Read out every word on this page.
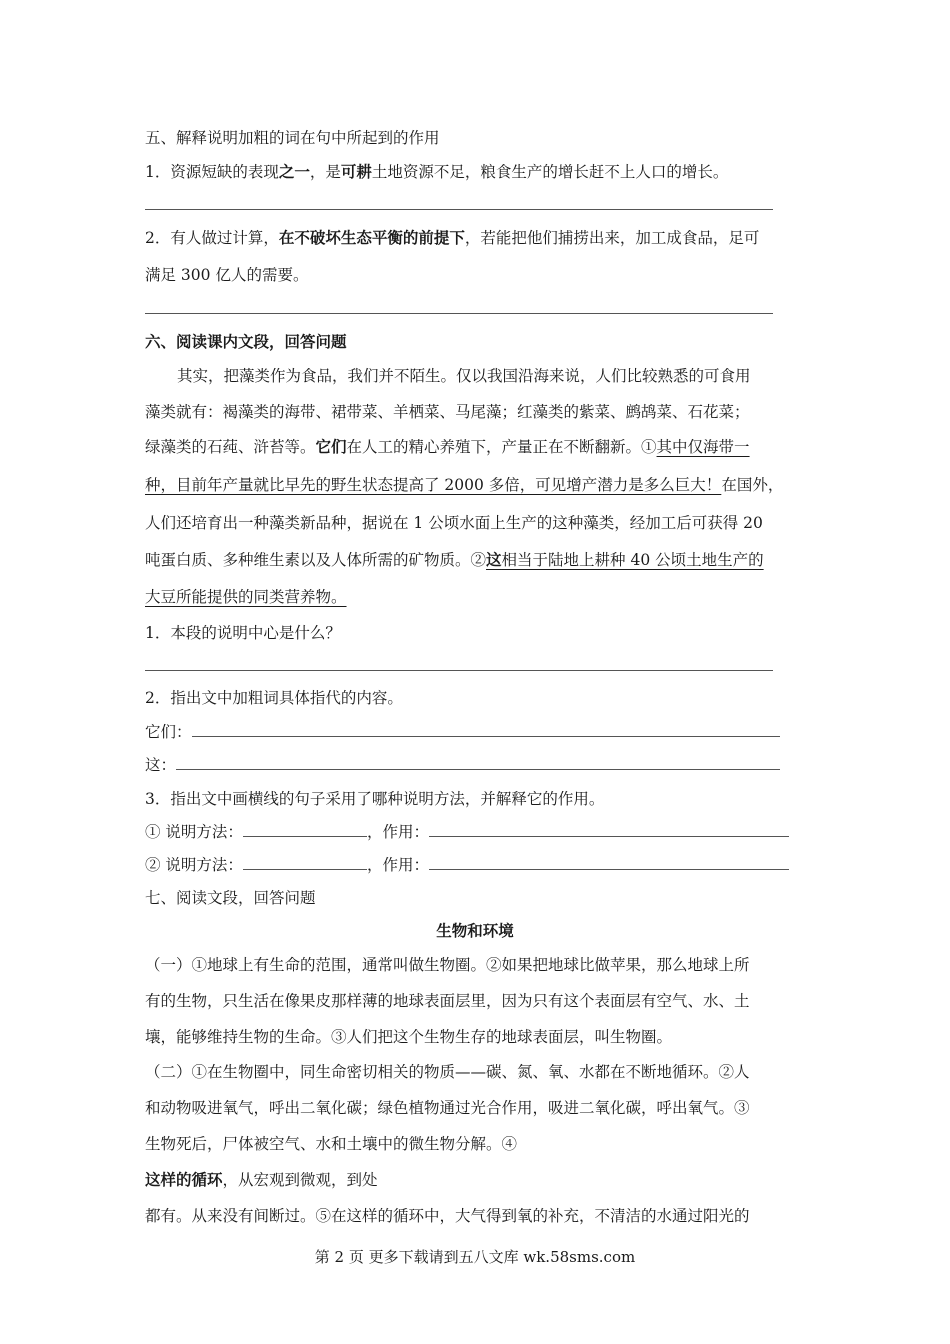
五、解释说明加粗的词在句中所起到的作用
1．资源短缺的表现之一，是可耕土地资源不足，粮食生产的增长赶不上人口的增长。
2．有人做过计算，在不破坏生态平衡的前提下，若能把他们捕捞出来，加工成食品，足可
满足 300 亿人的需要。
六、阅读课内文段，回答问题
其实，把藻类作为食品，我们并不陌生。仅以我国沿海来说，人们比较熟悉的可食用
藻类就有：褐藻类的海带、裙带菜、羊栖菜、马尾藻；红藻类的紫菜、鹧鸪菜、石花菜；
绿藻类的石莼、浒苔等。它们在人工的精心养殖下，产量正在不断翻新。①其中仅海带一
种，目前年产量就比早先的野生状态提高了 2000 多倍，可见增产潜力是多么巨大！在国外，
人们还培育出一种藻类新品种，据说在 1 公顷水面上生产的这种藻类，经加工后可获得 20
吨蛋白质、多种维生素以及人体所需的矿物质。②这相当于陆地上耕种 40 公顷土地生产的
大豆所能提供的同类营养物。
1．本段的说明中心是什么？
2．指出文中加粗词具体指代的内容。
它们：
这：
3．指出文中画横线的句子采用了哪种说明方法，并解释它的作用。
① 说明方法：	，作用：
② 说明方法：	，作用：
七、阅读文段，回答问题
生物和环境
（一）①地球上有生命的范围，通常叫做生物圈。②如果把地球比做苹果，那么地球上所
有的生物，只生活在像果皮那样薄的地球表面层里，因为只有这个表面层有空气、水、土
壤，能够维持生物的生命。③人们把这个生物生存的地球表面层，叫生物圈。
（二）①在生物圈中，同生命密切相关的物质——碳、氮、氧、水都在不断地循环。②人
和动物吸进氧气，呼出二氧化碳；绿色植物通过光合作用，吸进二氧化碳，呼出氧气。③
生物死后，尸体被空气、水和土壤中的微生物分解。④
这样的循环，从宏观到微观，到处
都有。从来没有间断过。⑤在这样的循环中，大气得到氧的补充，不清洁的水通过阳光的
第 2 页 更多下载请到五八文库 wk.58sms.com
